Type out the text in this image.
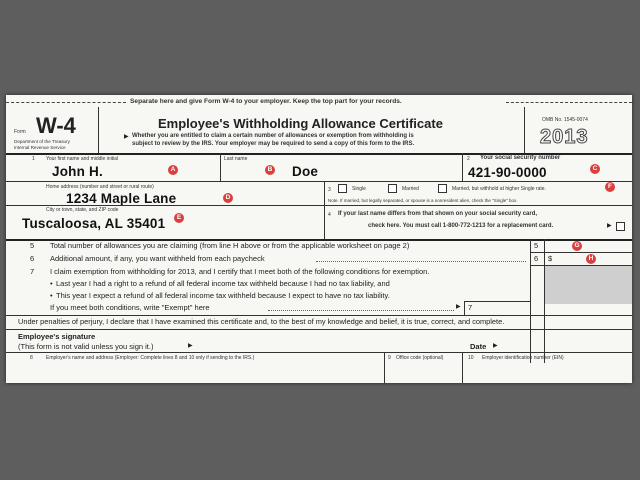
Separate here and give Form W-4 to your employer. Keep the top part for your records.
Form W-4
Department of the Treasury
Internal Revenue Service
Employee's Withholding Allowance Certificate
▶ Whether you are entitled to claim a certain number of allowances or exemption from withholding is
subject to review by the IRS. Your employer may be required to send a copy of this form to the IRS.
OMB No. 1545-0074
2013
1 Your first name and middle initial
A
John H.
Last name
B Doe
2 Your social security number
421-90-0000	C
Home address (number and street or rural route)
1234 Maple Lane	D
3	Single	Married	Married, but withhold at higher Single rate.	F
Note. If married, but legally separated, or spouse is a nonresident alien, check the "Single" box.
City or town, state, and ZIP code
Tuscaloosa, AL 35401	E	4 If your last name differs from that shown on your social security card,
check here. You must call 1-800-772-1213 for a replacement card.	▶
5 Total number of allowances you are claiming (from line H above or from the applicable worksheet on page 2)	5	G
6 Additional amount, if any, you want withheld from each paycheck	6 $	H
7 I claim exemption from withholding for 2013, and I certify that I meet both of the following conditions for exemption.
• Last year I had a right to a refund of all federal income tax withheld because I had no tax liability, and
• This year I expect a refund of all federal income tax withheld because I expect to have no tax liability.
If you meet both conditions, write "Exempt" here	▶ 7
Under penalties of perjury, I declare that I have examined this certificate and, to the best of my knowledge and belief, it is true, correct, and complete.
Employee's signature
(This form is not valid unless you sign it.)	▶	Date ▶
8	Employer's name and address (Employer: Complete lines 8 and 10 only if sending to the IRS.)	9 Office code (optional)	10 Employer identification number (EIN)
